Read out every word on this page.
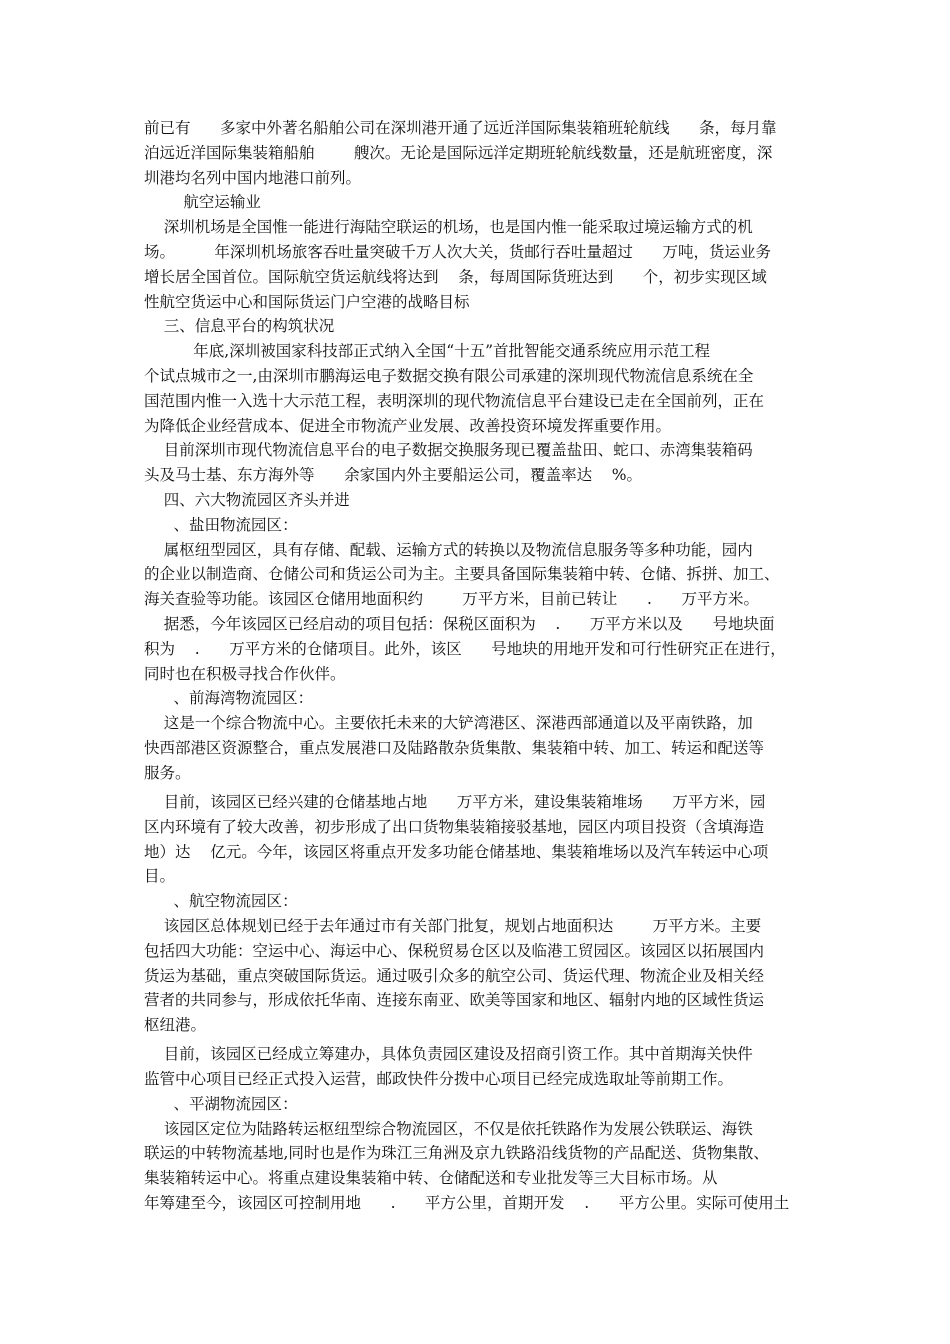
前已有      多家中外著名船舶公司在深圳港开通了远近洋国际集装箱班轮航线      条，每月靠
泊远近洋国际集装箱船舶        艘次。无论是国际远洋定期班轮航线数量，还是航班密度，深
圳港均名列中国内地港口前列。
航空运输业
深圳机场是全国惟一能进行海陆空联运的机场，也是国内惟一能采取过境运输方式的机
场。        年深圳机场旅客吞吐量突破千万人次大关，货邮行吞吐量超过      万吨，货运业务
增长居全国首位。国际航空货运航线将达到    条，每周国际货班达到      个，初步实现区域
性航空货运中心和国际货运门户空港的战略目标
三、信息平台的构筑状况
年底,深圳被国家科技部正式纳入全国“十五”首批智能交通系统应用示范工程
个试点城市之一,由深圳市鹏海运电子数据交换有限公司承建的深圳现代物流信息系统在全
国范围内惟一入选十大示范工程，表明深圳的现代物流信息平台建设已走在全国前列，正在
为降低企业经营成本、促进全市物流产业发展、改善投资环境发挥重要作用。
目前深圳市现代物流信息平台的电子数据交换服务现已覆盖盐田、蛇口、赤湾集装箱码
头及马士基、东方海外等      余家国内外主要船运公司，覆盖率达    %。
四、六大物流园区齐头并进
、盐田物流园区：
属枢纽型园区，具有存储、配载、运输方式的转换以及物流信息服务等多种功能，园内
的企业以制造商、仓储公司和货运公司为主。主要具备国际集装箱中转、仓储、拆拼、加工、
海关查验等功能。该园区仓储用地面积约        万平方米，目前已转让      .      万平方米。
据悉，今年该园区已经启动的项目包括：保税区面积为    .      万平方米以及      号地块面
积为    .      万平方米的仓储项目。此外，该区      号地块的用地开发和可行性研究正在进行，
同时也在积极寻找合作伙伴。
、前海湾物流园区：
这是一个综合物流中心。主要依托未来的大铲湾港区、深港西部通道以及平南铁路，加
快西部港区资源整合，重点发展港口及陆路散杂货集散、集装箱中转、加工、转运和配送等
服务。
目前，该园区已经兴建的仓储基地占地      万平方米，建设集装箱堆场      万平方米，园
区内环境有了较大改善，初步形成了出口货物集装箱接驳基地，园区内项目投资（含填海造
地）达    亿元。今年，该园区将重点开发多功能仓储基地、集装箱堆场以及汽车转运中心项
目。
、航空物流园区：
该园区总体规划已经于去年通过市有关部门批复，规划占地面积达        万平方米。主要
包括四大功能：空运中心、海运中心、保税贸易仓区以及临港工贸园区。该园区以拓展国内
货运为基础，重点突破国际货运。通过吸引众多的航空公司、货运代理、物流企业及相关经
营者的共同参与，形成依托华南、连接东南亚、欧美等国家和地区、辐射内地的区域性货运
枢纽港。
目前，该园区已经成立筹建办，具体负责园区建设及招商引资工作。其中首期海关快件
监管中心项目已经正式投入运营，邮政快件分拨中心项目已经完成选取址等前期工作。
、平湖物流园区：
该园区定位为陆路转运枢纽型综合物流园区，不仅是依托铁路作为发展公铁联运、海铁
联运的中转物流基地,同时也是作为珠江三角洲及京九铁路沿线货物的产品配送、货物集散、
集装箱转运中心。将重点建设集装箱中转、仓储配送和专业批发等三大目标市场。从
年筹建至今，该园区可控制用地      .      平方公里，首期开发    .      平方公里。实际可使用土
